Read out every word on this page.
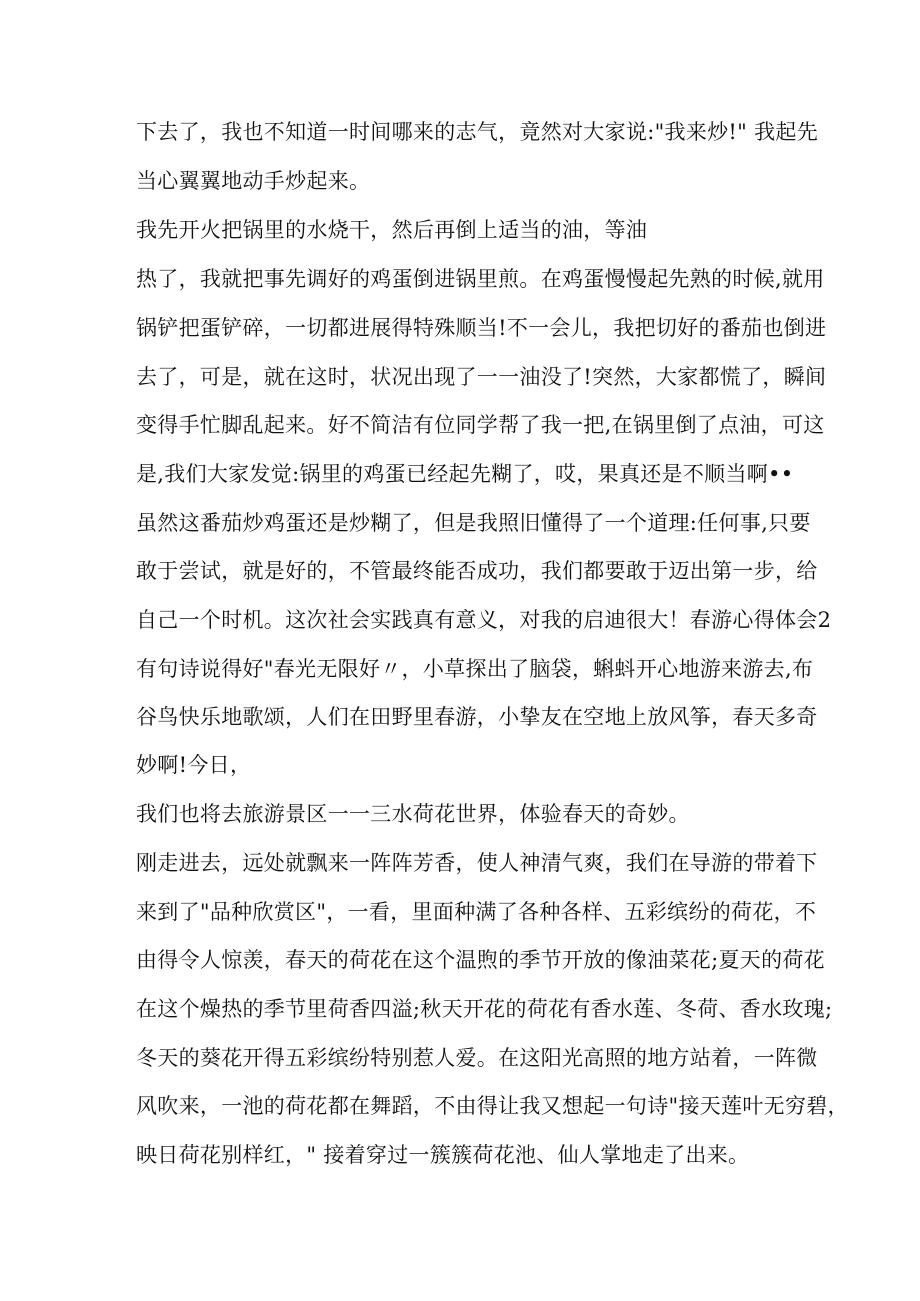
下去了，我也不知道一时间哪来的志气，竟然对大家说:"我来炒!" 我起先
当心翼翼地动手炒起来。
我先开火把锅里的水烧干，然后再倒上适当的油，等油
热了，我就把事先调好的鸡蛋倒进锅里煎。在鸡蛋慢慢起先熟的时候,就用
锅铲把蛋铲碎，一切都进展得特殊顺当!不一会儿，我把切好的番茄也倒进
去了，可是，就在这时，状况出现了一一油没了!突然，大家都慌了，瞬间
变得手忙脚乱起来。好不简洁有位同学帮了我一把,在锅里倒了点油，可这
是,我们大家发觉:锅里的鸡蛋已经起先糊了，哎，果真还是不顺当啊••
虽然这番茄炒鸡蛋还是炒糊了，但是我照旧懂得了一个道理:任何事,只要
敢于尝试，就是好的，不管最终能否成功，我们都要敢于迈出第一步，给
自己一个时机。这次社会实践真有意义，对我的启迪很大！春游心得体会2
有句诗说得好"春光无限好〃，小草探出了脑袋，蝌蚪开心地游来游去,布
谷鸟快乐地歌颂，人们在田野里春游，小挚友在空地上放风筝，春天多奇
妙啊!今日，
我们也将去旅游景区一一三水荷花世界，体验春天的奇妙。
刚走进去，远处就飘来一阵阵芳香，使人神清气爽，我们在导游的带着下
来到了"品种欣赏区"，一看，里面种满了各种各样、五彩缤纷的荷花，不
由得令人惊羡，春天的荷花在这个温煦的季节开放的像油菜花;夏天的荷花
在这个燥热的季节里荷香四溢;秋天开花的荷花有香水莲、冬荷、香水玫瑰;
冬天的葵花开得五彩缤纷特别惹人爱。在这阳光高照的地方站着，一阵微
风吹来，一池的荷花都在舞蹈，不由得让我又想起一句诗"接天莲叶无穷碧，
映日荷花别样红，" 接着穿过一簇簇荷花池、仙人掌地走了出来。
